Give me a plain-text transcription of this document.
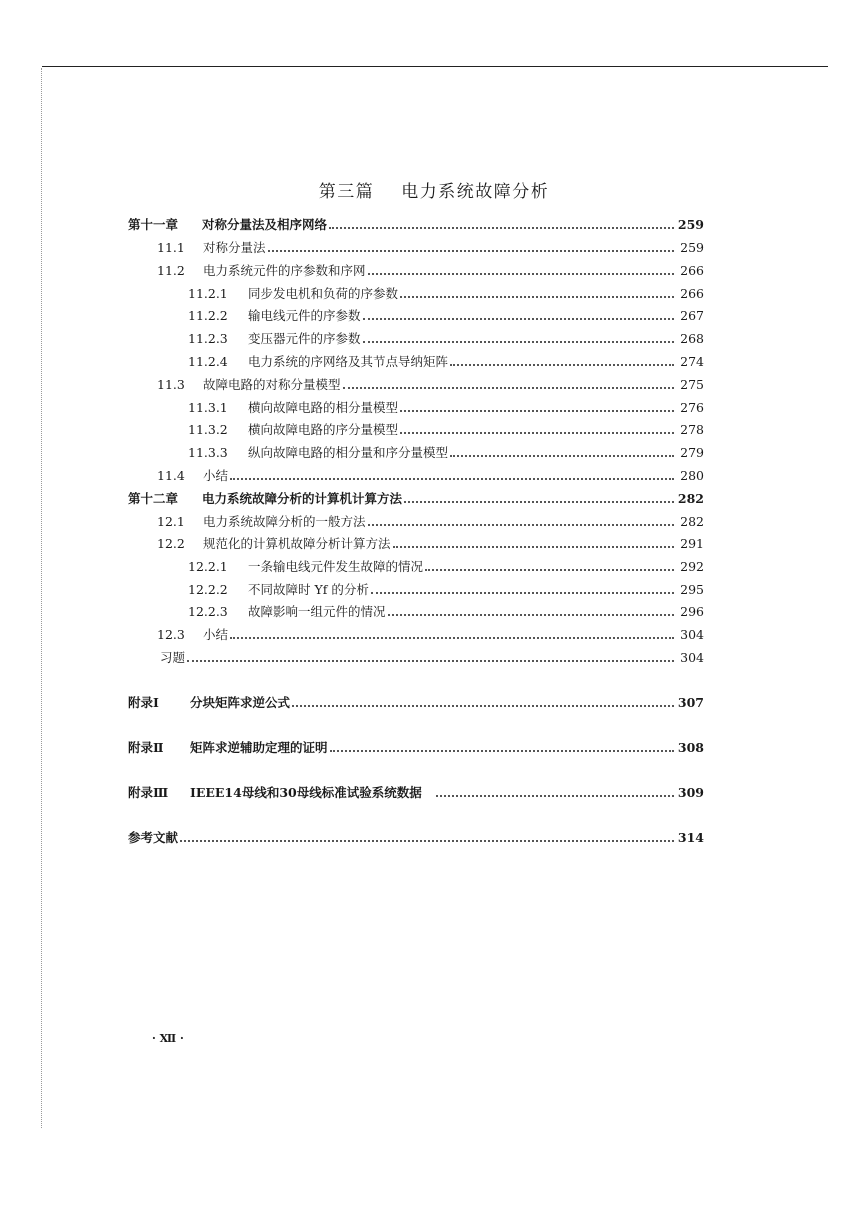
第三篇 电力系统故障分析
第十一章	对称分量法及相序网络	259
11.1	对称分量法	259
11.2	电力系统元件的序参数和序网	266
11.2.1	同步发电机和负荷的序参数	266
11.2.2	输电线元件的序参数	267
11.2.3	变压器元件的序参数	268
11.2.4	电力系统的序网络及其节点导纳矩阵	274
11.3	故障电路的对称分量模型	275
11.3.1	横向故障电路的相分量模型	276
11.3.2	横向故障电路的序分量模型	278
11.3.3	纵向故障电路的相分量和序分量模型	279
11.4	小结	280
第十二章	电力系统故障分析的计算机计算方法	282
12.1	电力系统故障分析的一般方法	282
12.2	规范化的计算机故障分析计算方法	291
12.2.1	一条输电线元件发生故障的情况	292
12.2.2	不同故障时 Yf 的分析	295
12.2.3	故障影响一组元件的情况	296
12.3	小结	304
习题	304
附录Ⅰ	分块矩阵求逆公式	307
附录Ⅱ	矩阵求逆辅助定理的证明	308
附录Ⅲ	IEEE14母线和30母线标准试验系统数据	309
参考文献	314
· Ⅻ ·
